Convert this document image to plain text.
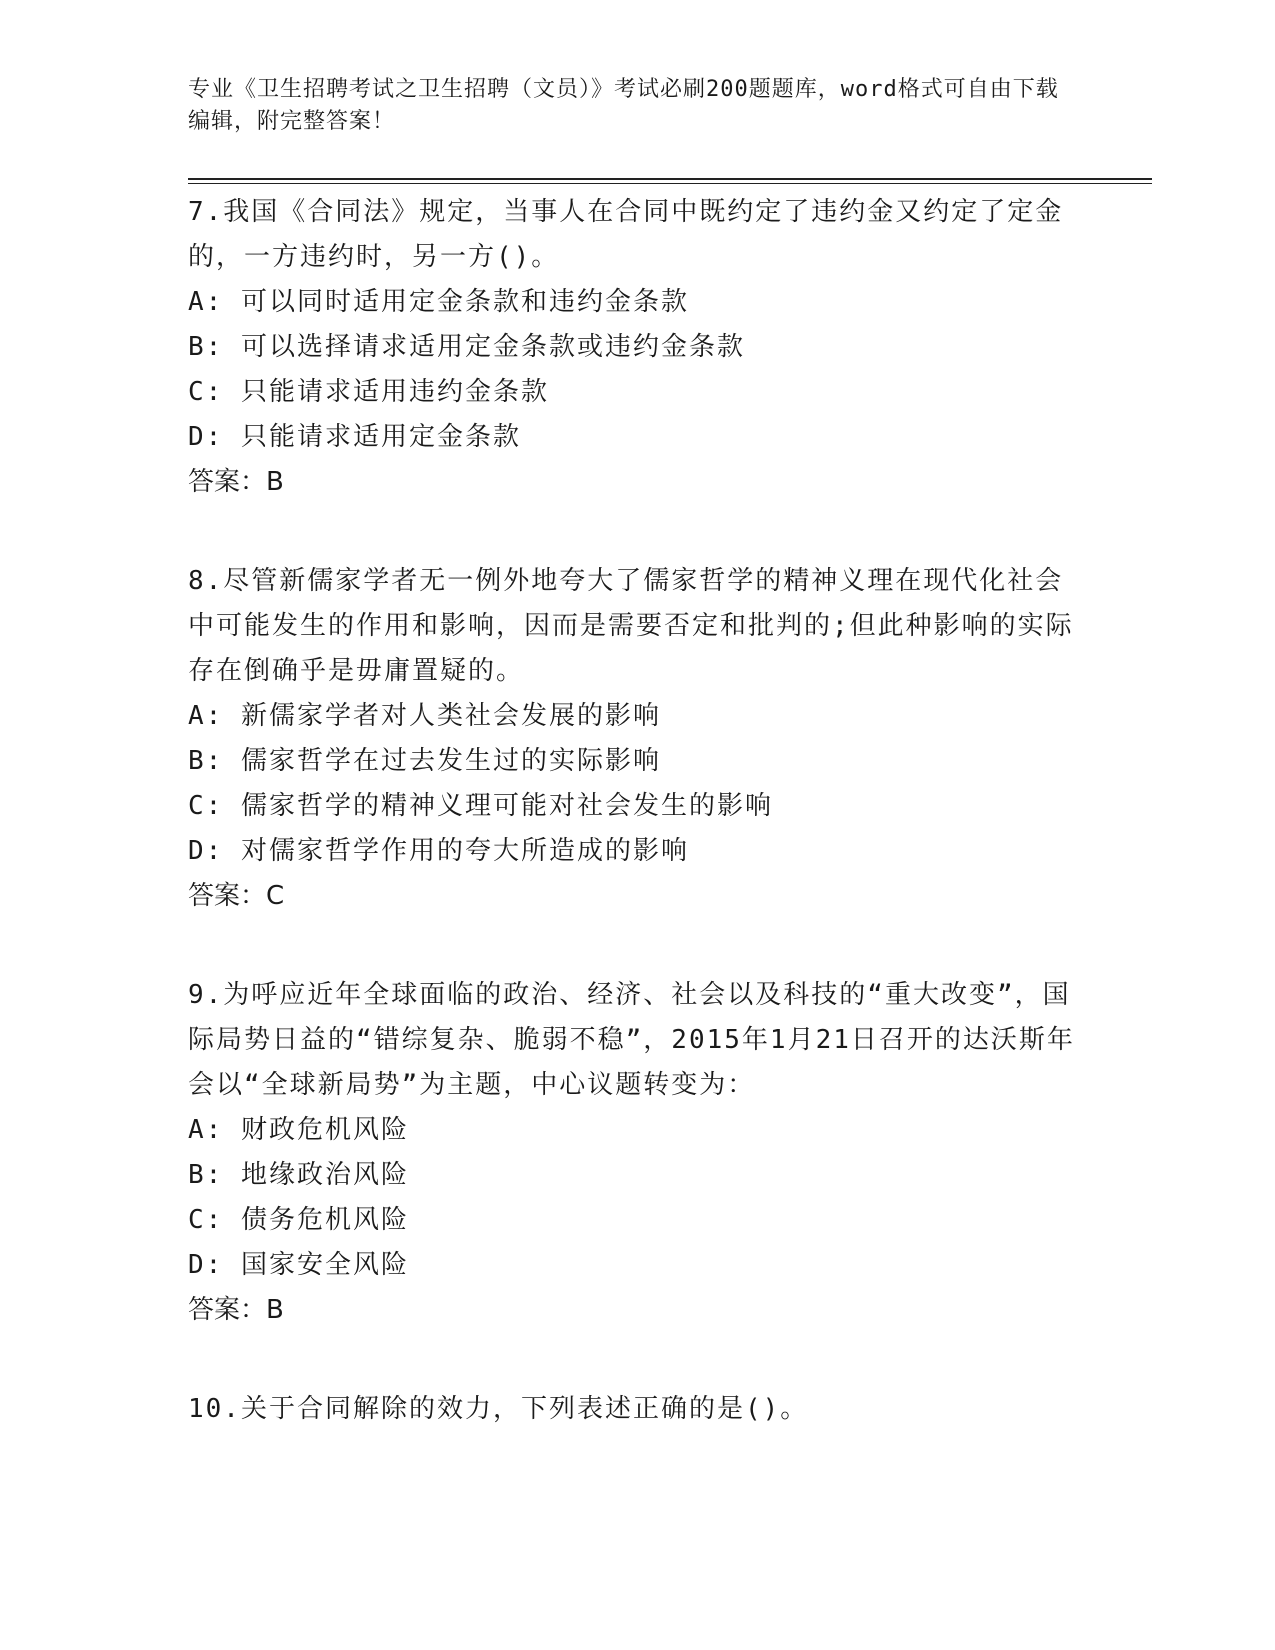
专业《卫生招聘考试之卫生招聘（文员）》考试必刷200题题库，word格式可自由下载编辑，附完整答案！
7.我国《合同法》规定，当事人在合同中既约定了违约金又约定了定金的，一方违约时，另一方()。
A: 可以同时适用定金条款和违约金条款
B: 可以选择请求适用定金条款或违约金条款
C: 只能请求适用违约金条款
D: 只能请求适用定金条款
答案：B
8.尽管新儒家学者无一例外地夸大了儒家哲学的精神义理在现代化社会中可能发生的作用和影响，因而是需要否定和批判的;但此种影响的实际存在倒确乎是毋庸置疑的。
A: 新儒家学者对人类社会发展的影响
B: 儒家哲学在过去发生过的实际影响
C: 儒家哲学的精神义理可能对社会发生的影响
D: 对儒家哲学作用的夸大所造成的影响
答案：C
9.为呼应近年全球面临的政治、经济、社会以及科技的“重大改变”，国际局势日益的“错综复杂、脆弱不稳”，2015年1月21日召开的达沃斯年会以“全球新局势”为主题，中心议题转变为：
A: 财政危机风险
B: 地缘政治风险
C: 债务危机风险
D: 国家安全风险
答案：B
10.关于合同解除的效力，下列表述正确的是()。
